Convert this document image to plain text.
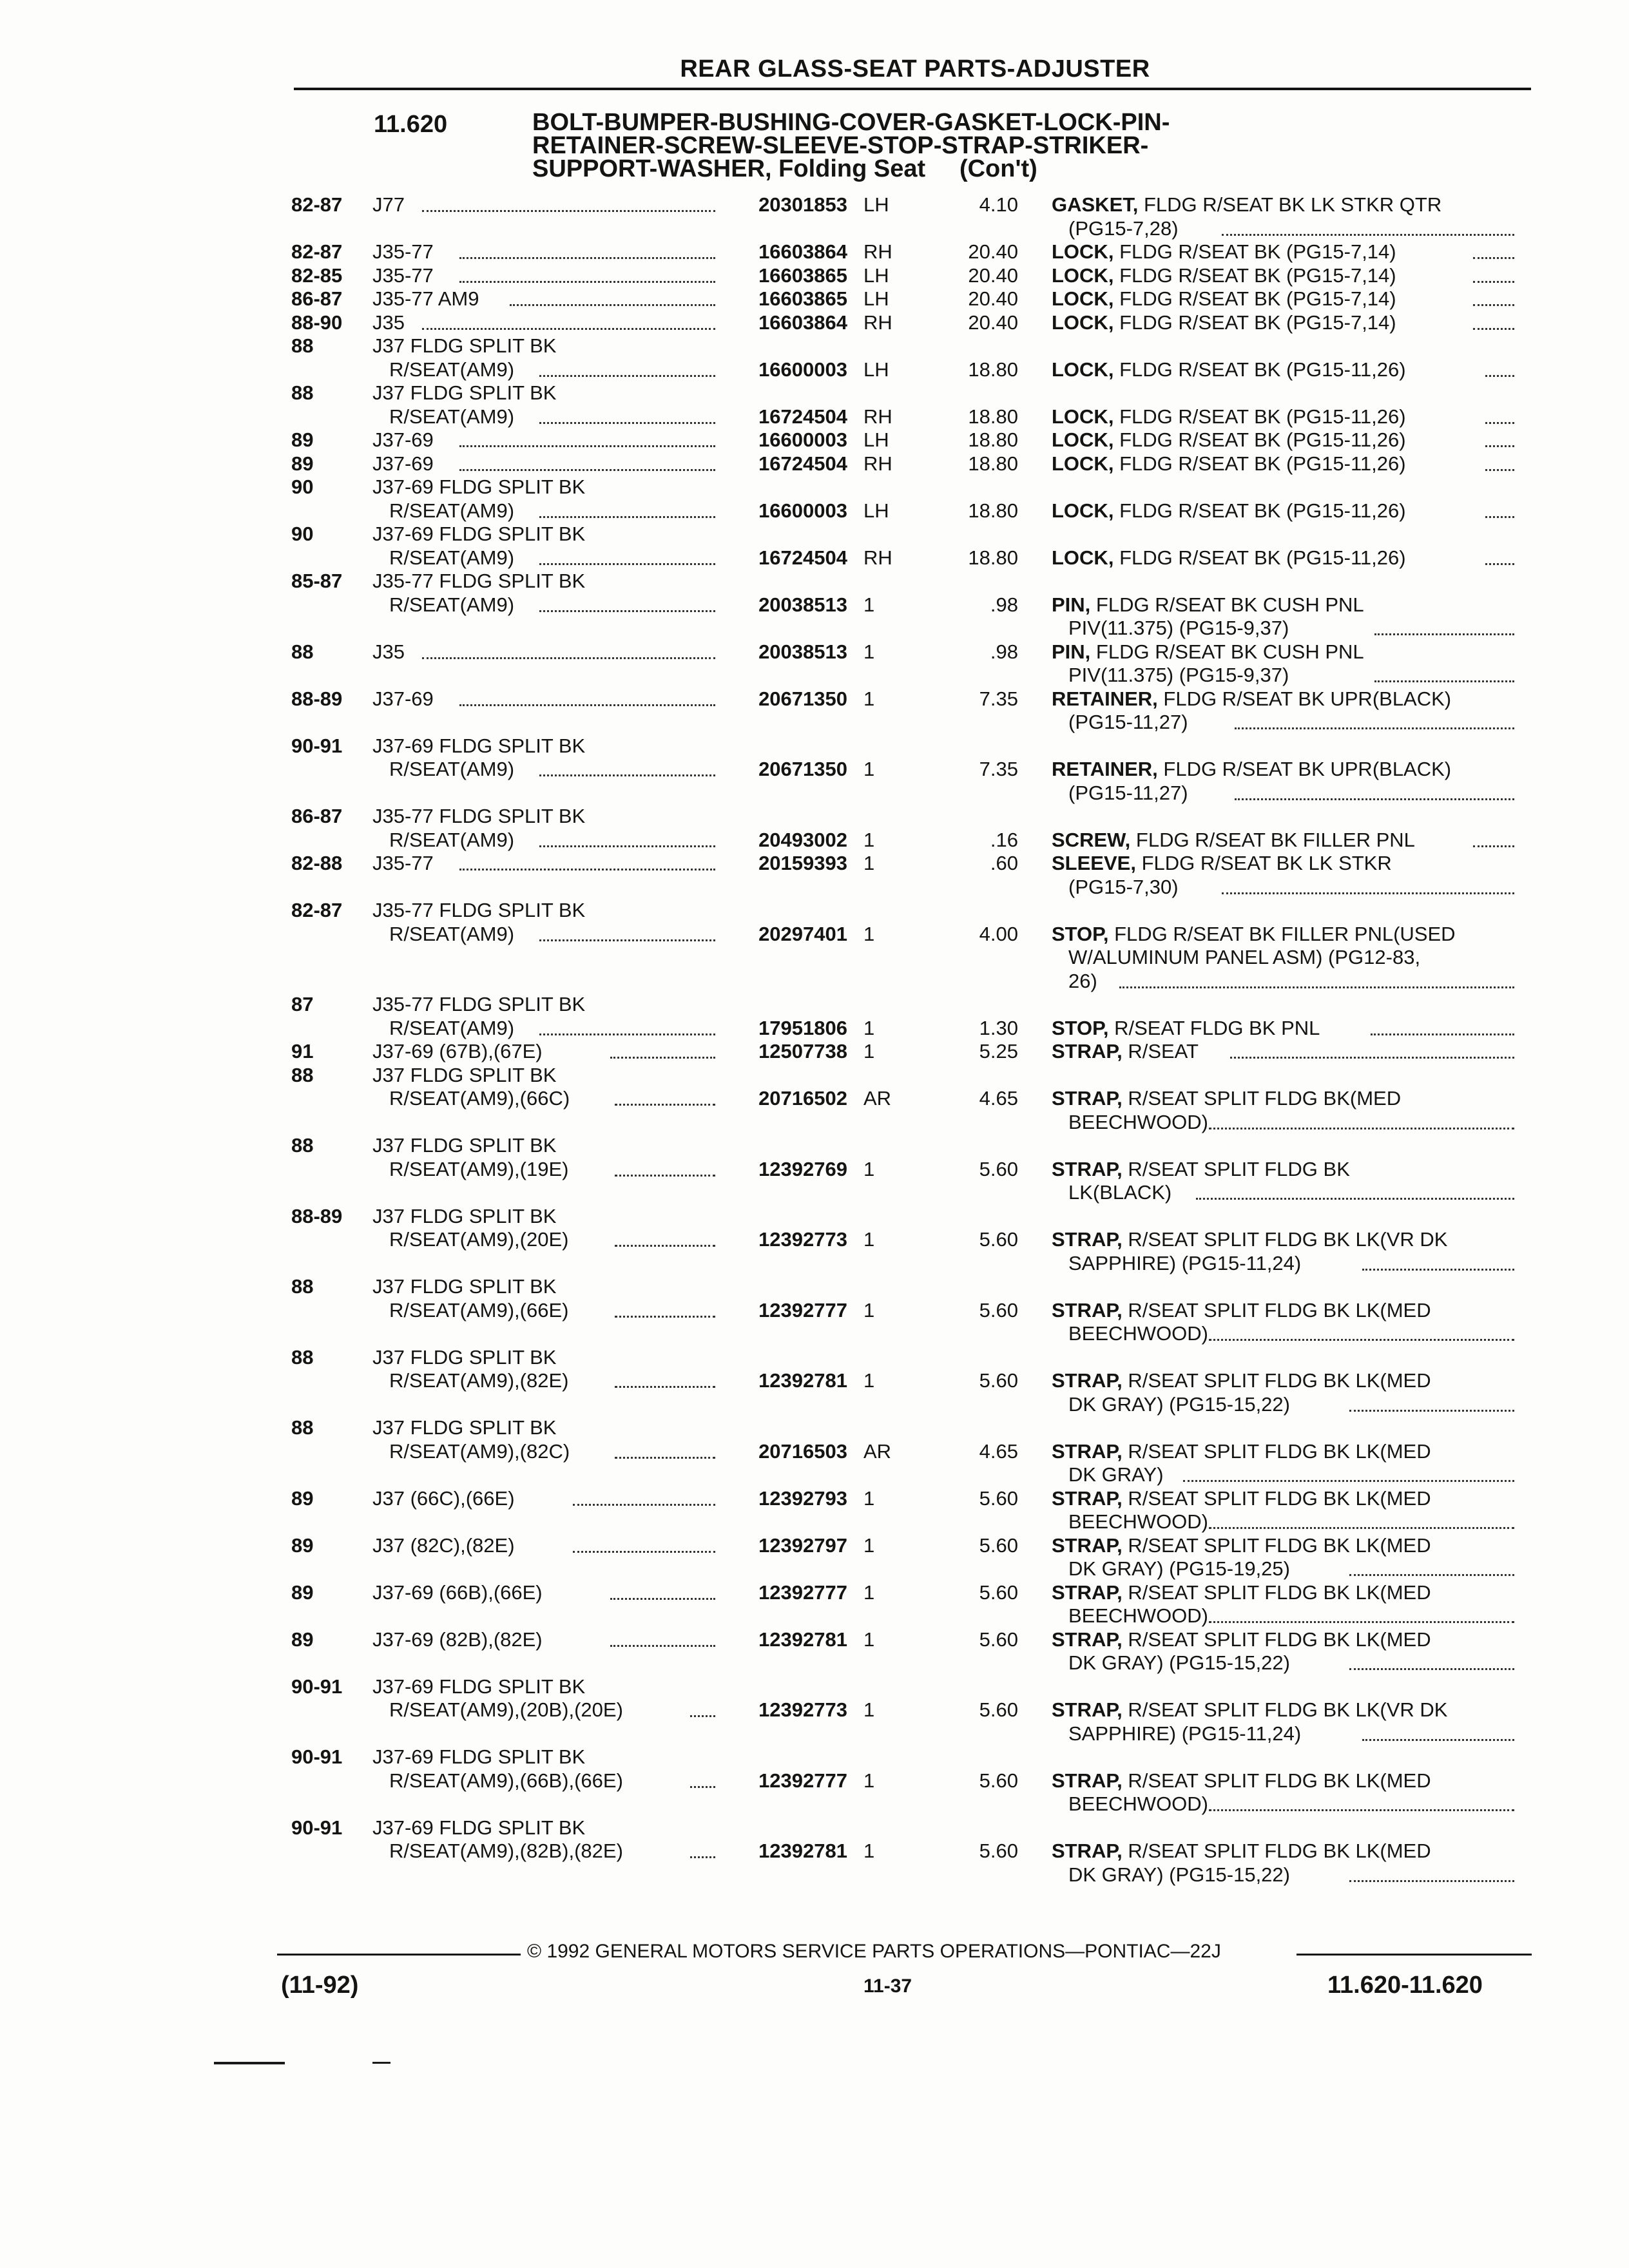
REAR GLASS-SEAT PARTS-ADJUSTER
11.620	BOLT-BUMPER-BUSHING-COVER-GASKET-LOCK-PIN-
RETAINER-SCREW-SLEEVE-STOP-STRAP-STRIKER-
SUPPORT-WASHER, Folding Seat     (Con't)
82-87 J77	20301853 LH	4.10 GASKET, FLDG R/SEAT BK LK STKR QTR
(PG15-7,28)
82-87 J35-77	16603864 RH	20.40 LOCK, FLDG R/SEAT BK (PG15-7,14)
82-85 J35-77	16603865 LH	20.40 LOCK, FLDG R/SEAT BK (PG15-7,14)
86-87 J35-77 AM9	16603865 LH	20.40 LOCK, FLDG R/SEAT BK (PG15-7,14)
88-90 J35	16603864 RH	20.40 LOCK, FLDG R/SEAT BK (PG15-7,14)
88	J37 FLDG SPLIT BK
R/SEAT(AM9)	16600003 LH	18.80 LOCK, FLDG R/SEAT BK (PG15-11,26)
88	J37 FLDG SPLIT BK
R/SEAT(AM9)	16724504 RH	18.80 LOCK, FLDG R/SEAT BK (PG15-11,26)
89	J37-69	16600003 LH	18.80 LOCK, FLDG R/SEAT BK (PG15-11,26)
89	J37-69	16724504 RH	18.80 LOCK, FLDG R/SEAT BK (PG15-11,26)
90	J37-69 FLDG SPLIT BK
R/SEAT(AM9)	16600003 LH	18.80 LOCK, FLDG R/SEAT BK (PG15-11,26)
90	J37-69 FLDG SPLIT BK
R/SEAT(AM9)	16724504 RH	18.80 LOCK, FLDG R/SEAT BK (PG15-11,26)
85-87 J35-77 FLDG SPLIT BK
R/SEAT(AM9)	20038513 1	.98 PIN, FLDG R/SEAT BK CUSH PNL
PIV(11.375) (PG15-9,37)
88	J35	20038513 1	.98 PIN, FLDG R/SEAT BK CUSH PNL
PIV(11.375) (PG15-9,37)
88-89 J37-69	20671350 1	7.35 RETAINER, FLDG R/SEAT BK UPR(BLACK)
(PG15-11,27)
90-91 J37-69 FLDG SPLIT BK
R/SEAT(AM9)	20671350 1	7.35 RETAINER, FLDG R/SEAT BK UPR(BLACK)
(PG15-11,27)
86-87 J35-77 FLDG SPLIT BK
R/SEAT(AM9)	20493002 1	.16 SCREW, FLDG R/SEAT BK FILLER PNL
82-88 J35-77	20159393 1	.60 SLEEVE, FLDG R/SEAT BK LK STKR
(PG15-7,30)
82-87 J35-77 FLDG SPLIT BK
R/SEAT(AM9)	20297401 1	4.00 STOP, FLDG R/SEAT BK FILLER PNL(USED
W/ALUMINUM PANEL ASM) (PG12-83,
26)
87	J35-77 FLDG SPLIT BK
R/SEAT(AM9)	17951806 1	1.30 STOP, R/SEAT FLDG BK PNL
91	J37-69 (67B),(67E)	12507738 1	5.25 STRAP, R/SEAT
88	J37 FLDG SPLIT BK
R/SEAT(AM9),(66C)	20716502 AR	4.65 STRAP, R/SEAT SPLIT FLDG BK(MED
BEECHWOOD)
88	J37 FLDG SPLIT BK
R/SEAT(AM9),(19E)	12392769 1	5.60 STRAP, R/SEAT SPLIT FLDG BK
LK(BLACK)
88-89 J37 FLDG SPLIT BK
R/SEAT(AM9),(20E)	12392773 1	5.60 STRAP, R/SEAT SPLIT FLDG BK LK(VR DK
SAPPHIRE) (PG15-11,24)
88	J37 FLDG SPLIT BK
R/SEAT(AM9),(66E)	12392777 1	5.60 STRAP, R/SEAT SPLIT FLDG BK LK(MED
BEECHWOOD)
88	J37 FLDG SPLIT BK
R/SEAT(AM9),(82E)	12392781 1	5.60 STRAP, R/SEAT SPLIT FLDG BK LK(MED
DK GRAY) (PG15-15,22)
88	J37 FLDG SPLIT BK
R/SEAT(AM9),(82C)	20716503 AR	4.65 STRAP, R/SEAT SPLIT FLDG BK LK(MED
DK GRAY)
89	J37 (66C),(66E)	12392793 1	5.60 STRAP, R/SEAT SPLIT FLDG BK LK(MED
BEECHWOOD)
89	J37 (82C),(82E)	12392797 1	5.60 STRAP, R/SEAT SPLIT FLDG BK LK(MED
DK GRAY) (PG15-19,25)
89	J37-69 (66B),(66E)	12392777 1	5.60 STRAP, R/SEAT SPLIT FLDG BK LK(MED
BEECHWOOD)
89	J37-69 (82B),(82E)	12392781 1	5.60 STRAP, R/SEAT SPLIT FLDG BK LK(MED
DK GRAY) (PG15-15,22)
90-91 J37-69 FLDG SPLIT BK
R/SEAT(AM9),(20B),(20E)	12392773 1	5.60 STRAP, R/SEAT SPLIT FLDG BK LK(VR DK
SAPPHIRE) (PG15-11,24)
90-91 J37-69 FLDG SPLIT BK
R/SEAT(AM9),(66B),(66E)	12392777 1	5.60 STRAP, R/SEAT SPLIT FLDG BK LK(MED
BEECHWOOD)
90-91 J37-69 FLDG SPLIT BK
R/SEAT(AM9),(82B),(82E)	12392781 1	5.60 STRAP, R/SEAT SPLIT FLDG BK LK(MED
DK GRAY) (PG15-15,22)
© 1992 GENERAL MOTORS SERVICE PARTS OPERATIONS—PONTIAC—22J
(11-92)	11-37	11.620-11.620
